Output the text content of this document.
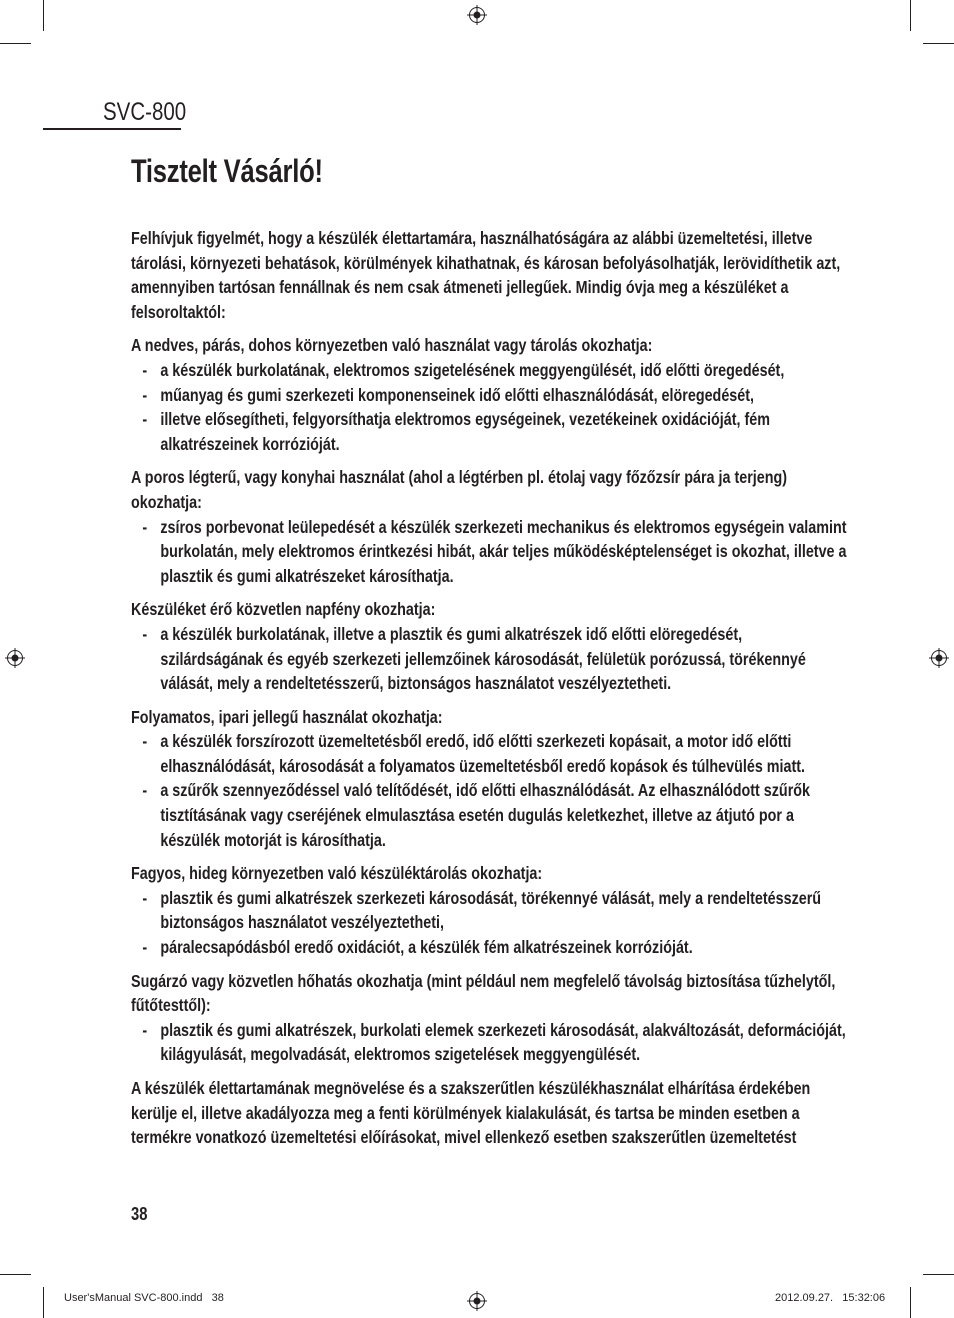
SVC-800
Tisztelt Vásárló!

Felhívjuk figyelmét, hogy a készülék élettartamára, használhatóságára az alábbi üzemeltetési, illetve tárolási, környezeti behatások, körülmények kihathatnak, és károsan befolyásolhatják, lerövidíthetik azt, amennyiben tartósan fennállnak és nem csak átmeneti jellegűek. Mindig óvja meg a készüléket a felsoroltaktól:

A nedves, párás, dohos környezetben való használat vagy tárolás okozhatja:

- a készülék burkolatának, elektromos szigetelésének meggyengülését, idő előtti öregedését,
- műanyag és gumi szerkezeti komponenseinek idő előtti elhasználódását, elöregedését,
- illetve elősegítheti, felgyorsíthatja elektromos egységeinek, vezetékeinek oxidációját, fém alkatrészeinek korrózióját.

A poros légterű, vagy konyhai használat (ahol a légtérben pl. étolaj vagy főzőzsír pára ja terjeng) okozhatja:

- zsíros porbevonat leülepedését a készülék szerkezeti mechanikus és elektromos egységein valamint burkolatán, mely elektromos érintkezési hibát, akár teljes működésképtelenséget is okozhat, illetve a plasztik és gumi alkatrészeket károsíthatja.

Készüléket érő közvetlen napfény okozhatja:

- a készülék burkolatának, illetve a plasztik és gumi alkatrészek idő előtti elöregedését, szilárdságának és egyéb szerkezeti jellemzőinek károsodását, felületük porózussá, törékennyé válását, mely a rendeltetésszerű, biztonságos használatot veszélyeztetheti.

Folyamatos, ipari jellegű használat okozhatja:

- a készülék forszírozott üzemeltetésből eredő, idő előtti szerkezeti kopásait, a motor idő előtti elhasználódását, károsodását a folyamatos üzemeltetésből eredő kopások és túlhevülés miatt.
- a szűrők szennyeződéssel való telítődését, idő előtti elhasználódását. Az elhasználódott szűrők tisztításának vagy cseréjének elmulasztása esetén dugulás keletkezhet, illetve az átjutó por a készülék motorját is károsíthatja.

Fagyos, hideg környezetben való készüléktárolás okozhatja:

- plasztik és gumi alkatrészek szerkezeti károsodását, törékennyé válását, mely a rendeltetésszerű biztonságos használatot veszélyeztetheti,
- páralecsapódásból eredő oxidációt, a készülék fém alkatrészeinek korrózióját.

Sugárzó vagy közvetlen hőhatás okozhatja (mint például nem megfelelő távolság biztosítása tűzhelytől, fűtőtesttől):

- plasztik és gumi alkatrészek, burkolati elemek szerkezeti károsodását, alakváltozását, deformációját, kilágyulását, megolvadását, elektromos szigetelések meggyengülését.

A készülék élettartamának megnövelése és a szakszerűtlen készülékhasználat elhárítása érdekében kerülje el, illetve akadályozza meg a fenti körülmények kialakulását, és tartsa be minden esetben a termékre vonatkozó üzemeltetési előírásokat, mivel ellenkező esetben szakszerűtlen üzemeltetést

38
User'sManual SVC-800.indd   38	2012.09.27.   15:32:06
